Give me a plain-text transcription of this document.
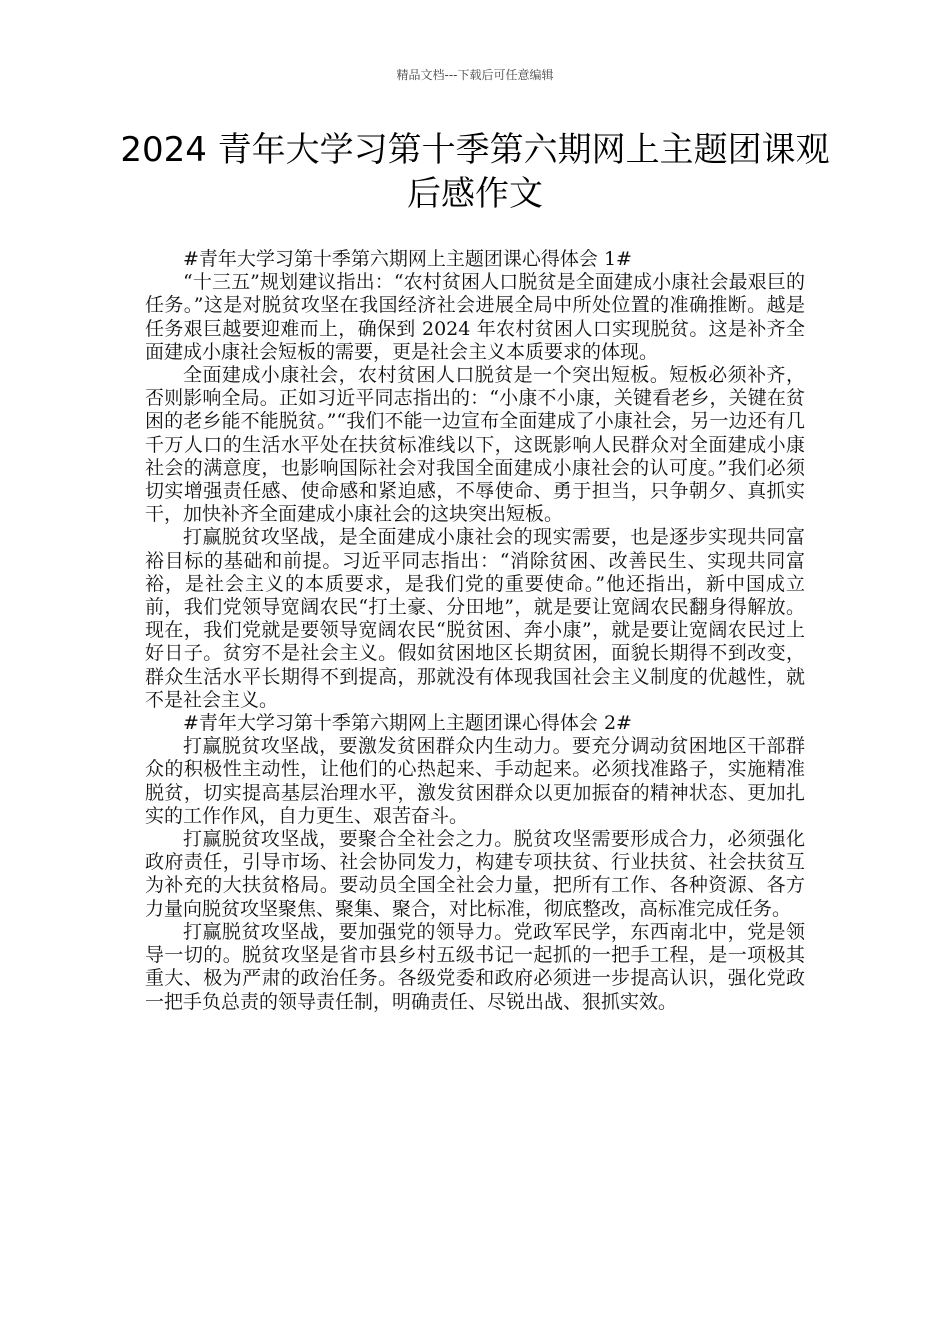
精品文档---下载后可任意编辑
2024 青年大学习第十季第六期网上主题团课观后感作文

#青年大学习第十季第六期网上主题团课心得体会 1#

“十三五”规划建议指出：“农村贫困人口脱贫是全面建成小康社会最艰巨的任务。”这是对脱贫攻坚在我国经济社会进展全局中所处位置的准确推断。越是任务艰巨越要迎难而上，确保到 2024 年农村贫困人口实现脱贫。这是补齐全面建成小康社会短板的需要，更是社会主义本质要求的体现。

全面建成小康社会，农村贫困人口脱贫是一个突出短板。短板必须补齐，否则影响全局。正如习近平同志指出的：“小康不小康，关键看老乡，关键在贫困的老乡能不能脱贫。”“我们不能一边宣布全面建成了小康社会，另一边还有几千万人口的生活水平处在扶贫标准线以下，这既影响人民群众对全面建成小康社会的满意度，也影响国际社会对我国全面建成小康社会的认可度。”我们必须切实增强责任感、使命感和紧迫感，不辱使命、勇于担当，只争朝夕、真抓实干，加快补齐全面建成小康社会的这块突出短板。

打赢脱贫攻坚战，是全面建成小康社会的现实需要，也是逐步实现共同富裕目标的基础和前提。习近平同志指出：“消除贫困、改善民生、实现共同富裕，是社会主义的本质要求，是我们党的重要使命。”他还指出，新中国成立前，我们党领导宽阔农民“打土豪、分田地”，就是要让宽阔农民翻身得解放。现在，我们党就是要领导宽阔农民“脱贫困、奔小康”，就是要让宽阔农民过上好日子。贫穷不是社会主义。假如贫困地区长期贫困，面貌长期得不到改变，群众生活水平长期得不到提高，那就没有体现我国社会主义制度的优越性，就不是社会主义。

#青年大学习第十季第六期网上主题团课心得体会 2#

打赢脱贫攻坚战，要激发贫困群众内生动力。要充分调动贫困地区干部群众的积极性主动性，让他们的心热起来、手动起来。必须找准路子，实施精准脱贫，切实提高基层治理水平，激发贫困群众以更加振奋的精神状态、更加扎实的工作作风，自力更生、艰苦奋斗。

打赢脱贫攻坚战，要聚合全社会之力。脱贫攻坚需要形成合力，必须强化政府责任，引导市场、社会协同发力，构建专项扶贫、行业扶贫、社会扶贫互为补充的大扶贫格局。要动员全国全社会力量，把所有工作、各种资源、各方力量向脱贫攻坚聚焦、聚集、聚合，对比标准，彻底整改，高标准完成任务。

打赢脱贫攻坚战，要加强党的领导力。党政军民学，东西南北中，党是领导一切的。脱贫攻坚是省市县乡村五级书记一起抓的一把手工程，是一项极其重大、极为严肃的政治任务。各级党委和政府必须进一步提高认识，强化党政一把手负总责的领导责任制，明确责任、尽锐出战、狠抓实效。
